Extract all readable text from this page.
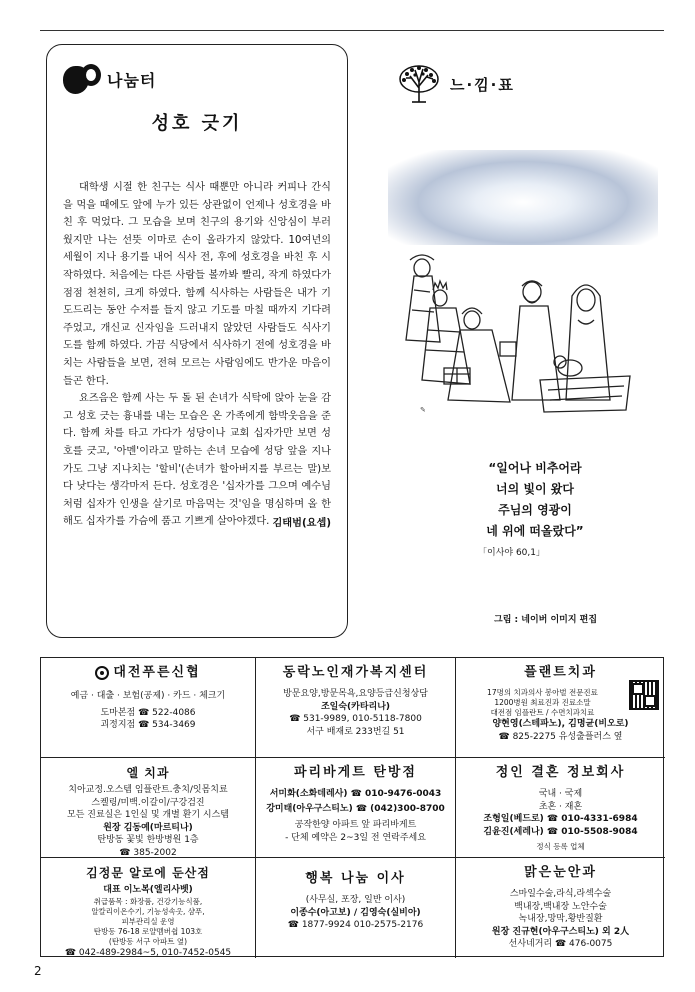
나눔터
성호 긋기

대학생 시절 한 친구는 식사 때뿐만 아니라 커피나 간식을 먹을 때에도 앞에 누가 있든 상관없이 언제나 성호경을 바친 후 먹었다. 그 모습을 보며 친구의 용기와 신앙심이 부러웠지만 나는 선뜻 이마로 손이 올라가지 않았다. 10여년의 세월이 지나 용기를 내어 식사 전, 후에 성호경을 바친 후 시작하였다. 처음에는 다른 사람들 볼까봐 빨리, 작게 하였다가 점점 천천히, 크게 하였다. 함께 식사하는 사람들은 내가 기도드리는 동안 수저를 들지 않고 기도를 마칠 때까지 기다려 주었고, 개신교 신자임을 드러내지 않았던 사람들도 식사기도를 함께 하였다. 가끔 식당에서 식사하기 전에 성호경을 바치는 사람들을 보면, 전혀 모르는 사람임에도 반가운 마음이 들곤 한다.

요즈음은 함께 사는 두 돌 된 손녀가 식탁에 앉아 눈을 감고 성호 긋는 흉내를 내는 모습은 온 가족에게 함박웃음을 준다. 함께 차를 타고 가다가 성당이나 교회 십자가만 보면 성호를 긋고, '아멘'이라고 말하는 손녀 모습에 성당 앞을 지나가도 그냥 지나치는 '할비'(손녀가 할아버지를 부르는 말)보다 낫다는 생각마저 든다. 성호경은 '십자가를 그으며 예수님처럼 십자가 인생을 살기로 마음먹는 것'임을 명심하며 올 한해도 십자가를 가슴에 품고 기쁘게 살아야겠다. 김태범(요셉)
느·낌·표
✎
“일어나 비추어라
너의 빛이 왔다
주님의 영광이
네 위에 떠올랐다”
「이사야 60,1」
그림 : 네이버 이미지 편집
대전푸른신협
예금 · 대출 · 보험(공제) · 카드 · 체크기
도마본점 ☎ 522-4086
괴정지점 ☎ 534-3469
동락노인재가복지센터
방문요양,방문목욕,요양등급신청상담
조일숙(카타리나)
☎ 531-9989, 010-5118-7800
서구 배재로 233번길 51
플랜트치과
17명의 치과의사 봉아벌 전문진료
1200병원 최료진과 진료소말
대전점 임플란트 / 수면치과치료
양현영(스테파노), 김명균(비오로)
☎ 825-2275 유성출플러스 옆
엘 치과
치아교정.오스템 임플란트.충치/잇몸치료
스켈링/미백.이갈이/구강검진
모든 진료실은 1인실 및 개별 환기 시스템
원장 김동예(마르티나)
탄방동 꽃빛 한방병원 1층
☎ 385-2002
파리바게트 탄방점
서미화(소화데레사) ☎ 010-9476-0043
강미태(아우구스티노) ☎ (042)300-8700
공작한양 아파트 앞 파리바게트
- 단체 예약은 2~3일 전 연락주세요
정인 결혼 정보회사
국내 · 국제
초혼 · 재혼
조형일(베드로) ☎ 010-4331-6984
김윤진(세레나) ☎ 010-5508-9084
정식 등록 업체
김정문 알로에 둔산점
대표 이노복(엘리사벳)
취급품목 : 화장품, 건강기능식품,
알칼리이온수기, 기능성속옷, 샴푸,
피부관리실 운영
탄방동 76-18 로얄멤버쉽 103호
(탄방동 서구 아파트 옆)
☎ 042-489-2984~5, 010-7452-0545
행복 나눔 이사
(사무실, 포장, 일반 이사)
이종수(아고보) / 김영숙(실비아)
☎ 1877-9924 010-2575-2176
맑은눈안과
스마일수술,라식,라섹수술
백내장,백내장 노안수술
녹내장,망막,황반질환
원장 진규현(아우구스티노) 외 2人
선사네거리 ☎ 476-0075
2
